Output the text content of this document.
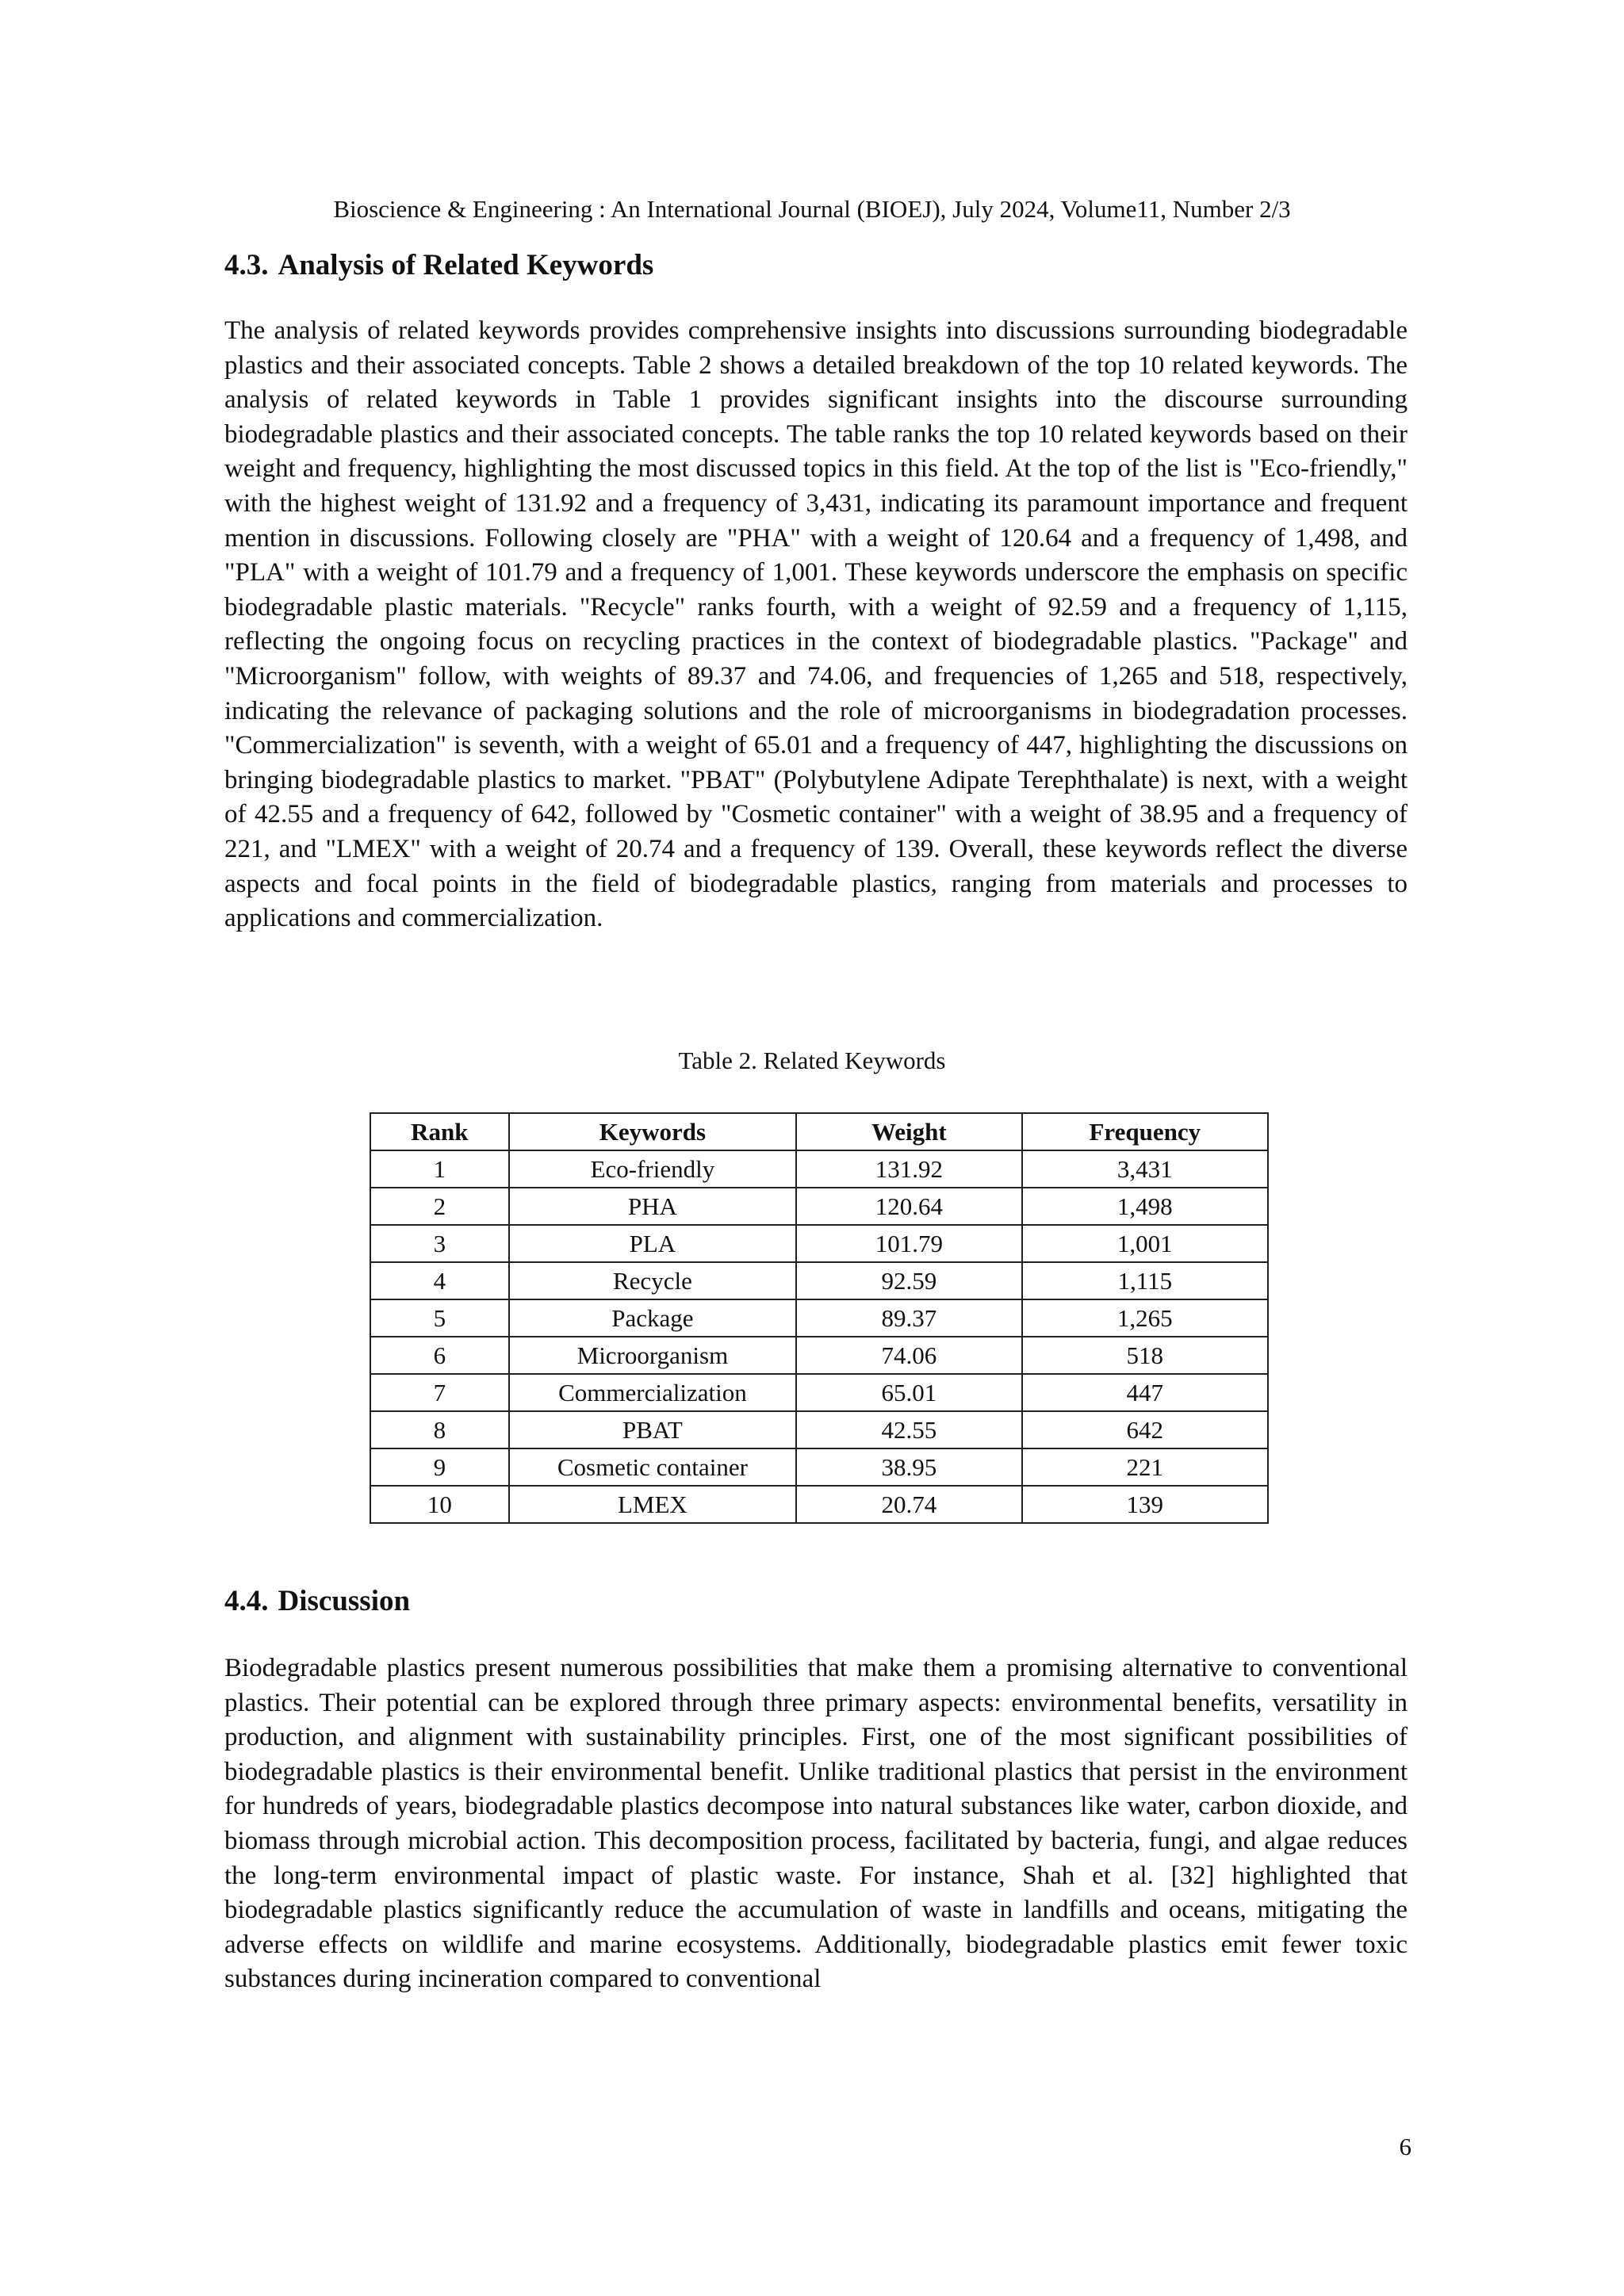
Bioscience & Engineering : An International Journal (BIOEJ), July 2024, Volume11, Number 2/3
4.3. Analysis of Related Keywords
The analysis of related keywords provides comprehensive insights into discussions surrounding biodegradable plastics and their associated concepts. Table 2 shows a detailed breakdown of the top 10 related keywords. The analysis of related keywords in Table 1 provides significant insights into the discourse surrounding biodegradable plastics and their associated concepts. The table ranks the top 10 related keywords based on their weight and frequency, highlighting the most discussed topics in this field. At the top of the list is "Eco-friendly," with the highest weight of 131.92 and a frequency of 3,431, indicating its paramount importance and frequent mention in discussions. Following closely are "PHA" with a weight of 120.64 and a frequency of 1,498, and "PLA" with a weight of 101.79 and a frequency of 1,001. These keywords underscore the emphasis on specific biodegradable plastic materials. "Recycle" ranks fourth, with a weight of 92.59 and a frequency of 1,115, reflecting the ongoing focus on recycling practices in the context of biodegradable plastics. "Package" and "Microorganism" follow, with weights of 89.37 and 74.06, and frequencies of 1,265 and 518, respectively, indicating the relevance of packaging solutions and the role of microorganisms in biodegradation processes. "Commercialization" is seventh, with a weight of 65.01 and a frequency of 447, highlighting the discussions on bringing biodegradable plastics to market. "PBAT" (Polybutylene Adipate Terephthalate) is next, with a weight of 42.55 and a frequency of 642, followed by "Cosmetic container" with a weight of 38.95 and a frequency of 221, and "LMEX" with a weight of 20.74 and a frequency of 139. Overall, these keywords reflect the diverse aspects and focal points in the field of biodegradable plastics, ranging from materials and processes to applications and commercialization.
Table 2. Related Keywords
Rank	Keywords	Weight	Frequency
1	Eco-friendly	131.92	3,431
2	PHA	120.64	1,498
3	PLA	101.79	1,001
4	Recycle	92.59	1,115
5	Package	89.37	1,265
6	Microorganism	74.06	518
7	Commercialization	65.01	447
8	PBAT	42.55	642
9	Cosmetic container	38.95	221
10	LMEX	20.74	139
4.4. Discussion
Biodegradable plastics present numerous possibilities that make them a promising alternative to conventional plastics. Their potential can be explored through three primary aspects: environmental benefits, versatility in production, and alignment with sustainability principles. First, one of the most significant possibilities of biodegradable plastics is their environmental benefit. Unlike traditional plastics that persist in the environment for hundreds of years, biodegradable plastics decompose into natural substances like water, carbon dioxide, and biomass through microbial action. This decomposition process, facilitated by bacteria, fungi, and algae reduces the long-term environmental impact of plastic waste. For instance, Shah et al. [32] highlighted that biodegradable plastics significantly reduce the accumulation of waste in landfills and oceans, mitigating the adverse effects on wildlife and marine ecosystems. Additionally, biodegradable plastics emit fewer toxic substances during incineration compared to conventional
6
